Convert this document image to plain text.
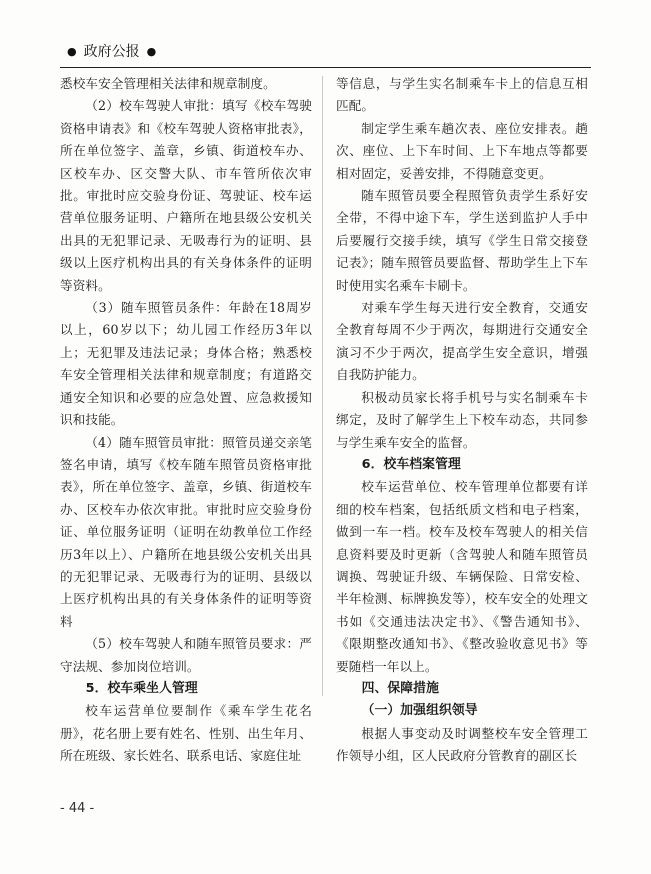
● 政府公报 ●

悉校车安全管理相关法律和规章制度。

（2）校车驾驶人审批：填写《校车驾驶资格申请表》和《校车驾驶人资格审批表》，所在单位签字、盖章，乡镇、街道校车办、区校车办、区交警大队、市车管所依次审批。审批时应交验身份证、驾驶证、校车运营单位服务证明、户籍所在地县级公安机关出具的无犯罪记录、无吸毒行为的证明、县级以上医疗机构出具的有关身体条件的证明等资料。

（3）随车照管员条件：年龄在18周岁以上，60岁以下；幼儿园工作经历3年以上；无犯罪及违法记录；身体合格；熟悉校车安全管理相关法律和规章制度；有道路交通安全知识和必要的应急处置、应急救援知识和技能。

（4）随车照管员审批：照管员递交亲笔签名申请，填写《校车随车照管员资格审批表》，所在单位签字、盖章，乡镇、街道校车办、区校车办依次审批。审批时应交验身份证、单位服务证明（证明在幼教单位工作经历3年以上）、户籍所在地县级公安机关出具的无犯罪记录、无吸毒行为的证明、县级以上医疗机构出具的有关身体条件的证明等资料

（5）校车驾驶人和随车照管员要求：严守法规、参加岗位培训。

5．校车乘坐人管理

校车运营单位要制作《乘车学生花名册》，花名册上要有姓名、性别、出生年月、所在班级、家长姓名、联系电话、家庭住址

等信息，与学生实名制乘车卡上的信息互相匹配。

制定学生乘车趟次表、座位安排表。趟次、座位、上下车时间、上下车地点等都要相对固定，妥善安排，不得随意变更。

随车照管员要全程照管负责学生系好安全带，不得中途下车，学生送到监护人手中后要履行交接手续，填写《学生日常交接登记表》；随车照管员要监督、帮助学生上下车时使用实名乘车卡刷卡。

对乘车学生每天进行安全教育，交通安全教育每周不少于两次，每期进行交通安全演习不少于两次，提高学生安全意识，增强自我防护能力。

积极动员家长将手机号与实名制乘车卡绑定，及时了解学生上下校车动态，共同参与学生乘车安全的监督。

6．校车档案管理

校车运营单位、校车管理单位都要有详细的校车档案，包括纸质文档和电子档案，做到一车一档。校车及校车驾驶人的相关信息资料要及时更新（含驾驶人和随车照管员调换、驾驶证升级、车辆保险、日常安检、半年检测、标牌换发等），校车安全的处理文书如《交通违法决定书》、《警告通知书》、《限期整改通知书》、《整改验收意见书》等要随档一年以上。

四、保障措施
（一）加强组织领导

根据人事变动及时调整校车安全管理工作领导小组，区人民政府分管教育的副区长

- 44 -
